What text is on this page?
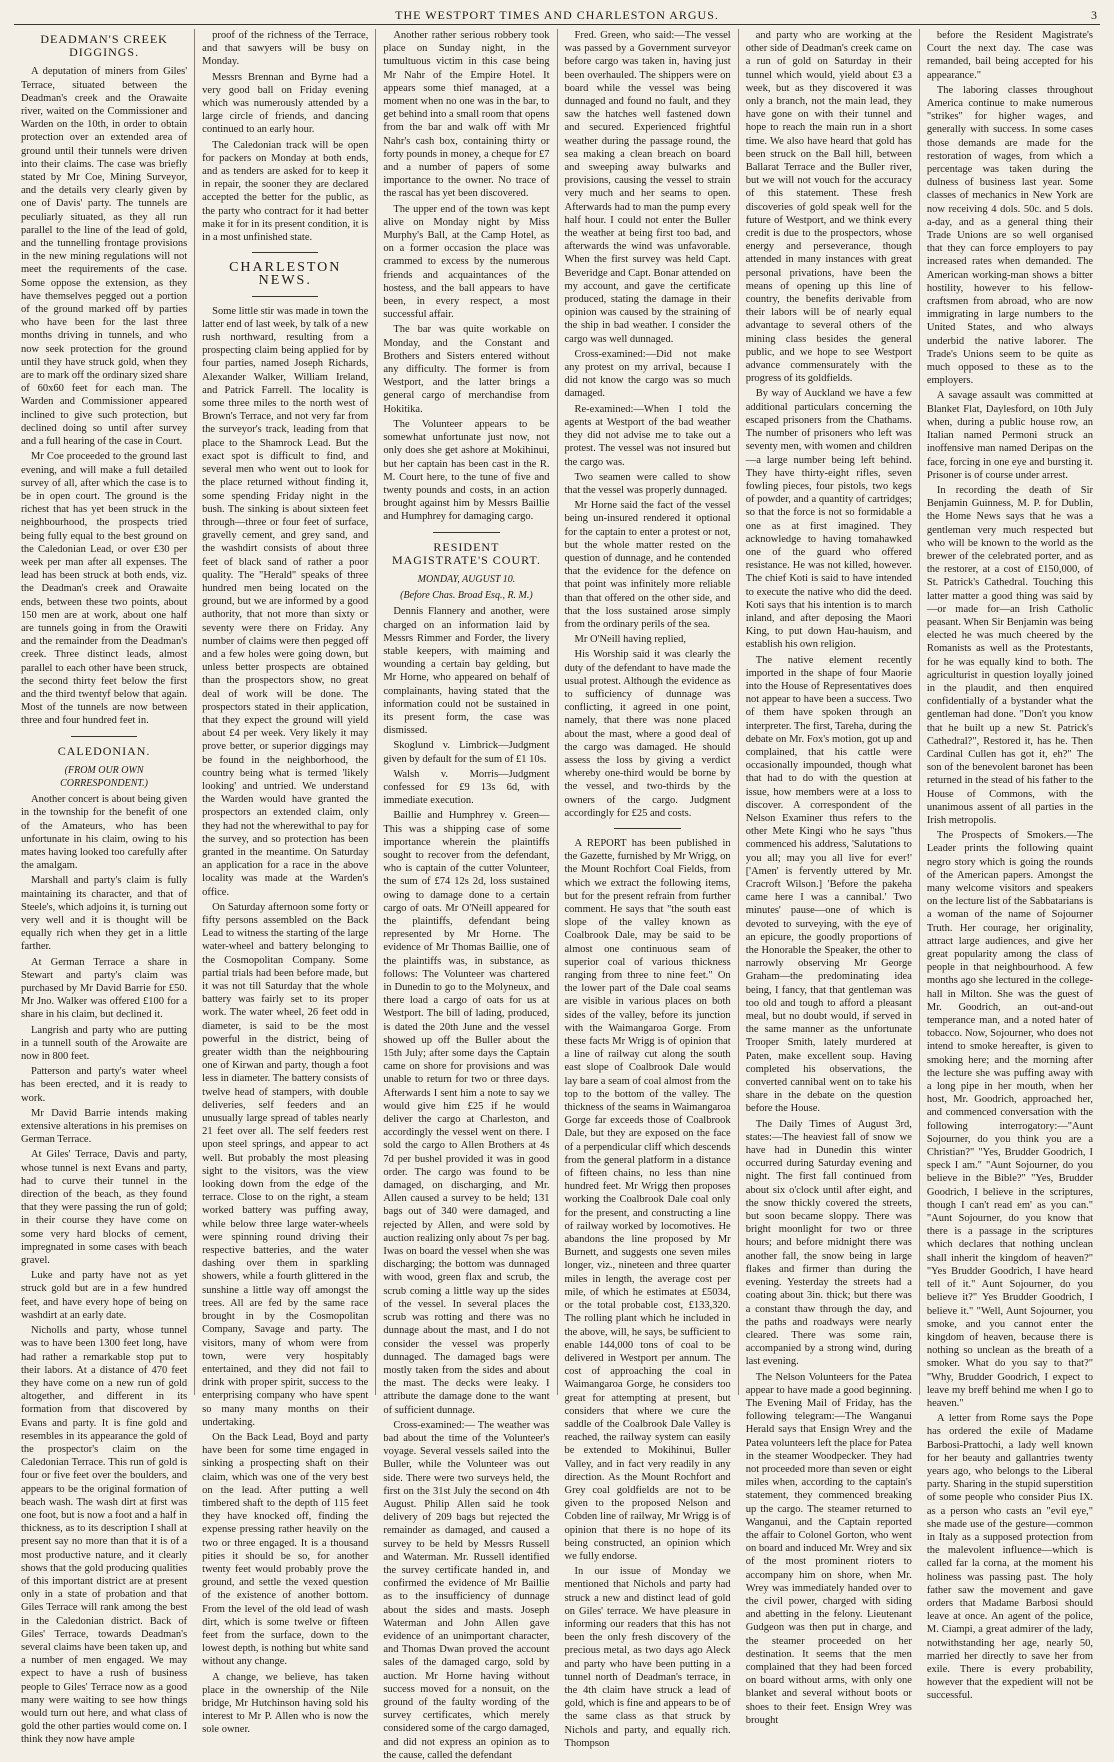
THE WESTPORT TIMES AND CHARLESTON ARGUS.	3
DEADMAN'S CREEK DIGGINGS.

A deputation of miners from Giles' Terrace, situated between the Deadman's creek and the Orawaite river, waited on the Commissioner and Warden on the 10th, in order to obtain protection over an extended area of ground until their tunnels were driven into their claims. The case was briefly stated by Mr Coe, Mining Surveyor, and the details very clearly given by one of Davis' party. The tunnels are peculiarly situated, as they all run parallel to the line of the lead of gold, and the tunnelling frontage provisions in the new mining regulations will not meet the requirements of the case. Some oppose the extension, as they have themselves pegged out a portion of the ground marked off by parties who have been for the last three months driving in tunnels, and who now seek protection for the ground until they have struck gold, when they are to mark off the ordinary sized share of 60x60 feet for each man. The Warden and Commissioner appeared inclined to give such protection, but declined doing so until after survey and a full hearing of the case in Court.

Mr Coe proceeded to the ground last evening, and will make a full detailed survey of all, after which the case is to be in open court. The ground is the richest that has yet been struck in the neighbourhood, the prospects tried being fully equal to the best ground on the Caledonian Lead, or over £30 per week per man after all expenses. The lead has been struck at both ends, viz. the Deadman's creek and Orawaite ends, between these two points, about 150 men are at work, about one half are tunnels going in from the Orawiti and the remainder from the Deadman's creek. Three distinct leads, almost parallel to each other have been struck, the second thirty feet below the first and the third twentyf below that again. Most of the tunnels are now between three and four hundred feet in.

CALEDONIAN.
(FROM OUR OWN CORRESPONDENT.)

Another concert is about being given in the township for the benefit of one of the Amateurs, who has been unfortunate in his claim, owing to his mates having looked too carefully after the amalgam.

Marshall and party's claim is fully maintaining its character, and that of Steele's, which adjoins it, is turning out very well and it is thought will be equally rich when they get in a little farther.

At German Terrace a share in Stewart and party's claim was purchased by Mr David Barrie for £50. Mr Jno. Walker was offered £100 for a share in his claim, but declined it.

Langrish and party who are putting in a tunnell south of the Arowaite are now in 800 feet.

Patterson and party's water wheel has been erected, and it is ready to work.

Mr David Barrie intends making extensive alterations in his premises on German Terrace.

At Giles' Terrace, Davis and party, whose tunnel is next Evans and party, had to curve their tunnel in the direction of the beach, as they found that they were passing the run of gold; in their course they have come on some very hard blocks of cement, impregnated in some cases with beach gravel.

Luke and party have not as yet struck gold but are in a few hundred feet, and have every hope of being on washdirt at an early date.

Nicholls and party, whose tunnel was to have been 1300 feet long, have had rather a remarkable stop put to their labors. At a distance of 470 feet they have come on a new run of gold altogether, and different in its formation from that discovered by Evans and party. It is fine gold and resembles in its appearance the gold of the prospector's claim on the Caledonian Terrace. This run of gold is four or five feet over the boulders, and appears to be the original formation of beach wash. The wash dirt at first was one foot, but is now a foot and a half in thickness, as to its description I shall at present say no more than that it is of a most productive nature, and it clearly shows that the gold producing qualities of this important district are at present only in a state of probation and that Giles Terrace will rank among the best in the Caledonian district. Back of Giles' Terrace, towards Deadman's several claims have been taken up, and a number of men engaged. We may expect to have a rush of business people to Giles' Terrace now as a good many were waiting to see how things would turn out here, and what class of gold the other parties would come on. I think they now have ample

proof of the richness of the Terrace, and that sawyers will be busy on Monday.

Messrs Brennan and Byrne had a very good ball on Friday evening which was numerously attended by a large circle of friends, and dancing continued to an early hour.

The Caledonian track will be open for packers on Monday at both ends, and as tenders are asked for to keep it in repair, the sooner they are declared accepted the better for the public, as the party who contract for it had better make it for in its present condition, it is in a most unfinished state.

CHARLESTON NEWS.

Some little stir was made in town the latter end of last week, by talk of a new rush northward, resulting from a prospecting claim being applied for by four parties, named Joseph Richards, Alexander Walker, William Ireland, and Patrick Farrell. The locality is some three miles to the north west of Brown's Terrace, and not very far from the surveyor's track, leading from that place to the Shamrock Lead. But the exact spot is difficult to find, and several men who went out to look for the place returned without finding it, some spending Friday night in the bush. The sinking is about sixteen feet through—three or four feet of surface, gravelly cement, and grey sand, and the washdirt consists of about three feet of black sand of rather a poor quality. The "Herald" speaks of three hundred men being located on the ground, but we are informed by a good authority, that not more than sixty or seventy were there on Friday. Any number of claims were then pegged off and a few holes were going down, but unless better prospects are obtained than the prospectors show, no great deal of work will be done. The prospectors stated in their application, that they expect the ground will yield about £4 per week. Very likely it may prove better, or superior diggings may be found in the neighborhood, the country being what is termed 'likely looking' and untried. We understand the Warden would have granted the prospectors an extended claim, only they had not the wherewithal to pay for the survey, and so protection has been granted in the meantime. On Saturday an application for a race in the above locality was made at the Warden's office.

On Saturday afternoon some forty or fifty persons assembled on the Back Lead to witness the starting of the large water-wheel and battery belonging to the Cosmopolitan Company. Some partial trials had been before made, but it was not till Saturday that the whole battery was fairly set to its proper work. The water wheel, 26 feet odd in diameter, is said to be the most powerful in the district, being of greater width than the neighbouring one of Kirwan and party, though a foot less in diameter. The battery consists of twelve head of stampers, with double deliveries, self feeders and an unusually large spread of tables nearly 21 feet over all. The self feeders rest upon steel springs, and appear to act well. But probably the most pleasing sight to the visitors, was the view looking down from the edge of the terrace. Close to on the right, a steam worked battery was puffing away, while below three large water-wheels were spinning round driving their respective batteries, and the water dashing over them in sparkling showers, while a fourth glittered in the sunshine a little way off amongst the trees. All are fed by the same race brought in by the Cosmopolitan Company, Savage and party. The visitors, many of whom were from town, were very hospitably entertained, and they did not fail to drink with proper spirit, success to the enterprising company who have spent so many many months on their undertaking.

On the Back Lead, Boyd and party have been for some time engaged in sinking a prospecting shaft on their claim, which was one of the very best on the lead. After putting a well timbered shaft to the depth of 115 feet they have knocked off, finding the expense pressing rather heavily on the two or three engaged. It is a thousand pities it should be so, for another twenty feet would probably prove the ground, and settle the vexed question of the existence of another bottom. From the level of the old lead of wash dirt, which is some twelve or fifteen feet from the surface, down to the lowest depth, is nothing but white sand without any change.

A change, we believe, has taken place in the ownership of the Nile bridge, Mr Hutchinson having sold his interest to Mr P. Allen who is now the sole owner.

Another rather serious robbery took place on Sunday night, in the tumultuous victim in this case being Mr Nahr of the Empire Hotel. It appears some thief managed, at a moment when no one was in the bar, to get behind into a small room that opens from the bar and walk off with Mr Nahr's cash box, containing thirty or forty pounds in money, a cheque for £7 and a number of papers of some importance to the owner. No trace of the rascal has yet been discovered.

The upper end of the town was kept alive on Monday night by Miss Murphy's Ball, at the Camp Hotel, as on a former occasion the place was crammed to excess by the numerous friends and acquaintances of the hostess, and the ball appears to have been, in every respect, a most successful affair.

The bar was quite workable on Monday, and the Constant and Brothers and Sisters entered without any difficulty. The former is from Westport, and the latter brings a general cargo of merchandise from Hokitika.

The Volunteer appears to be somewhat unfortunate just now, not only does she get ashore at Mokihinui, but her captain has been cast in the R. M. Court here, to the tune of five and twenty pounds and costs, in an action brought against him by Messrs Baillie and Humphrey for damaging cargo.

RESIDENT MAGISTRATE'S COURT.
MONDAY, AUGUST 10.
(Before Chas. Broad Esq., R. M.)

Dennis Flannery and another, were charged on an information laid by Messrs Rimmer and Forder, the livery stable keepers, with maiming and wounding a certain bay gelding, but Mr Horne, who appeared on behalf of complainants, having stated that the information could not be sustained in its present form, the case was dismissed.

Skoglund v. Limbrick—Judgment given by default for the sum of £1 10s.

Walsh v. Morris—Judgment confessed for £9 13s 6d, with immediate execution.

Baillie and Humphrey v. Green—This was a shipping case of some importance wherein the plaintiffs sought to recover from the defendant, who is captain of the cutter Volunteer, the sum of £74 12s 2d, loss sustained owing to damage done to a certain cargo of oats. Mr O'Neill appeared for the plaintiffs, defendant being represented by Mr Horne. The evidence of Mr Thomas Baillie, one of the plaintiffs was, in substance, as follows: The Volunteer was chartered in Dunedin to go to the Molyneux, and there load a cargo of oats for us at Westport. The bill of lading, produced, is dated the 20th June and the vessel showed up off the Buller about the 15th July; after some days the Captain came on shore for provisions and was unable to return for two or three days. Afterwards I sent him a note to say we would give him £25 if he would deliver the cargo at Charleston, and accordingly the vessel went on there. I sold the cargo to Allen Brothers at 4s 7d per bushel provided it was in good order. The cargo was found to be damaged, on discharging, and Mr. Allen caused a survey to be held; 131 bags out of 340 were damaged, and rejected by Allen, and were sold by auction realizing only about 7s per bag. Iwas on board the vessel when she was discharging; the bottom was dunnaged with wood, green flax and scrub, the scrub coming a little way up the sides of the vessel. In several places the scrub was rotting and there was no dunnage about the mast, and I do not consider the vessel was properly dunnaged. The damaged bags were mostly taken from the sides and about the mast. The decks were leaky. I attribute the damage done to the want of sufficient dunnage.

Cross-examined:— The weather was bad about the time of the Volunteer's voyage. Several vessels sailed into the Buller, while the Volunteer was out side. There were two surveys held, the first on the 31st July the second on 4th August. Philip Allen said he took delivery of 209 bags but rejected the remainder as damaged, and caused a survey to be held by Messrs Russell and Waterman. Mr. Russell identified the survey certificate handed in, and confirmed the evidence of Mr Baillie as to the insufficiency of dunnage about the sides and masts. Joseph Waterman and John Allen gave evidence of an unimportant character, and Thomas Dwan proved the account sales of the damaged cargo, sold by auction. Mr Horne having without success moved for a nonsuit, on the ground of the faulty wording of the survey certificates, which merely considered some of the cargo damaged, and did not express an opinion as to the cause, called the defendant

Fred. Green, who said:—The vessel was passed by a Government surveyor before cargo was taken in, having just been overhauled. The shippers were on board while the vessel was being dunnaged and found no fault, and they saw the hatches well fastened down and secured. Experienced frightful weather during the passage round, the sea making a clean breach on board and sweeping away bulwarks and provisions, causing the vessel to strain very much and her seams to open. Afterwards had to man the pump every half hour. I could not enter the Buller the weather at being first too bad, and afterwards the wind was unfavorable. When the first survey was held Capt. Beveridge and Capt. Bonar attended on my account, and gave the certificate produced, stating the damage in their opinion was caused by the straining of the ship in bad weather. I consider the cargo was well dunnaged.

Cross-examined:—Did not make any protest on my arrival, because I did not know the cargo was so much damaged.

Re-examined:—When I told the agents at Westport of the bad weather they did not advise me to take out a protest. The vessel was not insured but the cargo was.

Two seamen were called to show that the vessel was properly dunnaged.

Mr Horne said the fact of the vessel being un-insured rendered it optional for the captain to enter a protest or not, but the whole matter rested on the question of dunnage, and he contended that the evidence for the defence on that point was infinitely more reliable than that offered on the other side, and that the loss sustained arose simply from the ordinary perils of the sea.

Mr O'Neill having replied,

His Worship said it was clearly the duty of the defendant to have made the usual protest. Although the evidence as to sufficiency of dunnage was conflicting, it agreed in one point, namely, that there was none placed about the mast, where a good deal of the cargo was damaged. He should assess the loss by giving a verdict whereby one-third would be borne by the vessel, and two-thirds by the owners of the cargo. Judgment accordingly for £25 and costs.

A REPORT has been published in the Gazette, furnished by Mr Wrigg, on the Mount Rochfort Coal Fields, from which we extract the following items, but for the present refrain from further comment. He says that "the south east slope of the valley known as Coalbrook Dale, may be said to be almost one continuous seam of superior coal of various thickness ranging from three to nine feet." On the lower part of the Dale coal seams are visible in various places on both sides of the valley, before its junction with the Waimangaroa Gorge. From these facts Mr Wrigg is of opinion that a line of railway cut along the south east slope of Coalbrook Dale would lay bare a seam of coal almost from the top to the bottom of the valley. The thickness of the seams in Waimangaroa Gorge far exceeds those of Coalbrook Dale, but they are exposed on the face of a perpendicular cliff which descends from the general platform in a distance of fifteen chains, no less than nine hundred feet. Mr Wrigg then proposes working the Coalbrook Dale coal only for the present, and constructing a line of railway worked by locomotives. He abandons the line proposed by Mr Burnett, and suggests one seven miles longer, viz., nineteen and three quarter miles in length, the average cost per mile, of which he estimates at £5034, or the total probable cost, £133,320. The rolling plant which he included in the above, will, he says, be sufficient to enable 144,000 tons of coal to be delivered in Westport per annum. The cost of approaching the coal in Waimangaroa Gorge, he considers too great for attempting at present, but considers that where we cure the saddle of the Coalbrook Dale Valley is reached, the railway system can easily be extended to Mokihinui, Buller Valley, and in fact very readily in any direction. As the Mount Rochfort and Grey coal goldfields are not to be given to the proposed Nelson and Cobden line of railway, Mr Wrigg is of opinion that there is no hope of its being constructed, an opinion which we fully endorse.

In our issue of Monday we mentioned that Nichols and party had struck a new and distinct lead of gold on Giles' terrace. We have pleasure in informing our readers that this has not been the only fresh discovery of the precious metal, as two days ago Aleck and party who have been putting in a tunnel north of Deadman's terrace, in the 4th claim have struck a lead of gold, which is fine and appears to be of the same class as that struck by Nichols and party, and equally rich. Thompson

and party who are working at the other side of Deadman's creek came on a run of gold on Saturday in their tunnel which would, yield about £3 a week, but as they discovered it was only a branch, not the main lead, they have gone on with their tunnel and hope to reach the main run in a short time. We also have heard that gold has been struck on the Ball hill, between Ballarat Terrace and the Buller river, but we will not vouch for the accuracy of this statement. These fresh discoveries of gold speak well for the future of Westport, and we think every credit is due to the prospectors, whose energy and perseverance, though attended in many instances with great personal privations, have been the means of opening up this line of country, the benefits derivable from their labors will be of nearly equal advantage to several others of the mining class besides the general public, and we hope to see Westport advance commensurately with the progress of its goldfields.

By way of Auckland we have a few additional particulars concerning the escaped prisoners from the Chathams. The number of prisoners who left was seventy men, with women and children—a large number being left behind. They have thirty-eight rifles, seven fowling pieces, four pistols, two kegs of powder, and a quantity of cartridges; so that the force is not so formidable a one as at first imagined. They acknowledge to having tomahawked one of the guard who offered resistance. He was not killed, however. The chief Koti is said to have intended to execute the native who did the deed. Koti says that his intention is to march inland, and after deposing the Maori King, to put down Hau-hauism, and establish his own religion.

The native element recently imported in the shape of four Maorie into the House of Representatives does not appear to have been a success. Two of them have spoken through an interpreter. The first, Tareha, during the debate on Mr. Fox's motion, got up and complained, that his cattle were occasionally impounded, though what that had to do with the question at issue, how members were at a loss to discover. A correspondent of the Nelson Examiner thus refers to the other Mete Kingi who he says "thus commenced his address, 'Salutations to you all; may you all live for ever!' ['Amen' is fervently uttered by Mr. Cracroft Wilson.] 'Before the pakeha came here I was a cannibal.' Two minutes' pause—one of which is devoted to surveying, with the eye of an epicure, the goodly proportions of the Honorable the Speaker, the other to narrowly observing Mr George Graham—the predominating idea being, I fancy, that that gentleman was too old and tough to afford a pleasant meal, but no doubt would, if served in the same manner as the unfortunate Trooper Smith, lately murdered at Paten, make excellent soup. Having completed his observations, the converted cannibal went on to take his share in the debate on the question before the House.

The Daily Times of August 3rd, states:—The heaviest fall of snow we have had in Dunedin this winter occurred during Saturday evening and night. The first fall continued from about six o'clock until after eight, and the snow thickly covered the streets, but soon became sloppy. There was bright moonlight for two or three hours; and before midnight there was another fall, the snow being in large flakes and firmer than during the evening. Yesterday the streets had a coating about 3in. thick; but there was a constant thaw through the day, and the paths and roadways were nearly cleared. There was some rain, accompanied by a strong wind, during last evening.

The Nelson Volunteers for the Patea appear to have made a good beginning. The Evening Mail of Friday, has the following telegram:—The Wanganui Herald says that Ensign Wrey and the Patea volunteers left the place for Patea in the steamer Woodpecker. They had not proceeded more than seven or eight miles when, according to the captain's statement, they commenced breaking up the cargo. The steamer returned to Wanganui, and the Captain reported the affair to Colonel Gorton, who went on board and induced Mr. Wrey and six of the most prominent rioters to accompany him on shore, when Mr. Wrey was immediately handed over to the civil power, charged with siding and abetting in the felony. Lieutenant Gudgeon was then put in charge, and the steamer proceeded on her destination. It seems that the men complained that they had been forced on board without arms, with only one blanket and several without boots or shoes to their feet. Ensign Wrey was brought

before the Resident Magistrate's Court the next day. The case was remanded, bail being accepted for his appearance."

The laboring classes throughout America continue to make numerous "strikes" for higher wages, and generally with success. In some cases those demands are made for the restoration of wages, from which a percentage was taken during the dulness of business last year. Some classes of mechanics in New York are now receiving 4 dols. 50c. and 5 dols. a-day, and as a general thing their Trade Unions are so well organised that they can force employers to pay increased rates when demanded. The American working-man shows a bitter hostility, however to his fellow-craftsmen from abroad, who are now immigrating in large numbers to the United States, and who always underbid the native laborer. The Trade's Unions seem to be quite as much opposed to these as to the employers.

A savage assault was committed at Blanket Flat, Daylesford, on 10th July when, during a public house row, an Italian named Permoni struck an inoffensive man named Deripas on the face, forcing in one eye and bursting it. Prisoner is of course under arrest.

In recording the death of Sir Benjamin Guinness, M. P. for Dublin, the Home News says that he was a gentleman very much respected but who will be known to the world as the brewer of the celebrated porter, and as the restorer, at a cost of £150,000, of St. Patrick's Cathedral. Touching this latter matter a good thing was said by—or made for—an Irish Catholic peasant. When Sir Benjamin was being elected he was much cheered by the Romanists as well as the Protestants, for he was equally kind to both. The agriculturist in question loyally joined in the plaudit, and then enquired confidentially of a bystander what the gentleman had done. "Don't you know that he built up a new St. Patrick's Cathedral?", Restored it, has he. Then Cardinal Cullen has got it, eh?" The son of the benevolent baronet has been returned in the stead of his father to the House of Commons, with the unanimous assent of all parties in the Irish metropolis.

The Prospects of Smokers.—The Leader prints the following quaint negro story which is going the rounds of the American papers. Amongst the many welcome visitors and speakers on the lecture list of the Sabbatarians is a woman of the name of Sojourner Truth. Her courage, her originality, attract large audiences, and give her great popularity among the class of people in that neighbourhood. A few months ago she lectured in the college-hall in Milton. She was the guest of Mr. Goodrich, an out-and-out temperance man, and a noted hater of tobacco. Now, Sojourner, who does not intend to smoke hereafter, is given to smoking here; and the morning after the lecture she was puffing away with a long pipe in her mouth, when her host, Mr. Goodrich, approached her, and commenced conversation with the following interrogatory:—"Aunt Sojourner, do you think you are a Christian?" "Yes, Brudder Goodrich, I speck I am." "Aunt Sojourner, do you believe in the Bible?" "Yes, Brudder Goodrich, I believe in the scriptures, though I can't read em' as you can." "Aunt Sojourner, do you know that there is a passage in the scriptures which declares that nothing unclean shall inherit the kingdom of heaven?" "Yes Brudder Goodrich, I have heard tell of it." Aunt Sojourner, do you believe it?" Yes Brudder Goodrich, I believe it." "Well, Aunt Sojourner, you smoke, and you cannot enter the kingdom of heaven, because there is nothing so unclean as the breath of a smoker. What do you say to that?" "Why, Brudder Goodrich, I expect to leave my breff behind me when I go to heaven."

A letter from Rome says the Pope has ordered the exile of Madame Barbosi-Prattochi, a lady well known for her beauty and gallantries twenty years ago, who belongs to the Liberal party. Sharing in the stupid superstition of some people who consider Pius IX. as a person who casts an "evil eye," she made use of the gesture—common in Italy as a supposed protection from the malevolent influence—which is called far la corna, at the moment his holiness was passing past. The holy father saw the movement and gave orders that Madame Barbosi should leave at once. An agent of the police, M. Ciampi, a great admirer of the lady, notwithstanding her age, nearly 50, married her directly to save her from exile. There is every probability, however that the expedient will not be successful.
